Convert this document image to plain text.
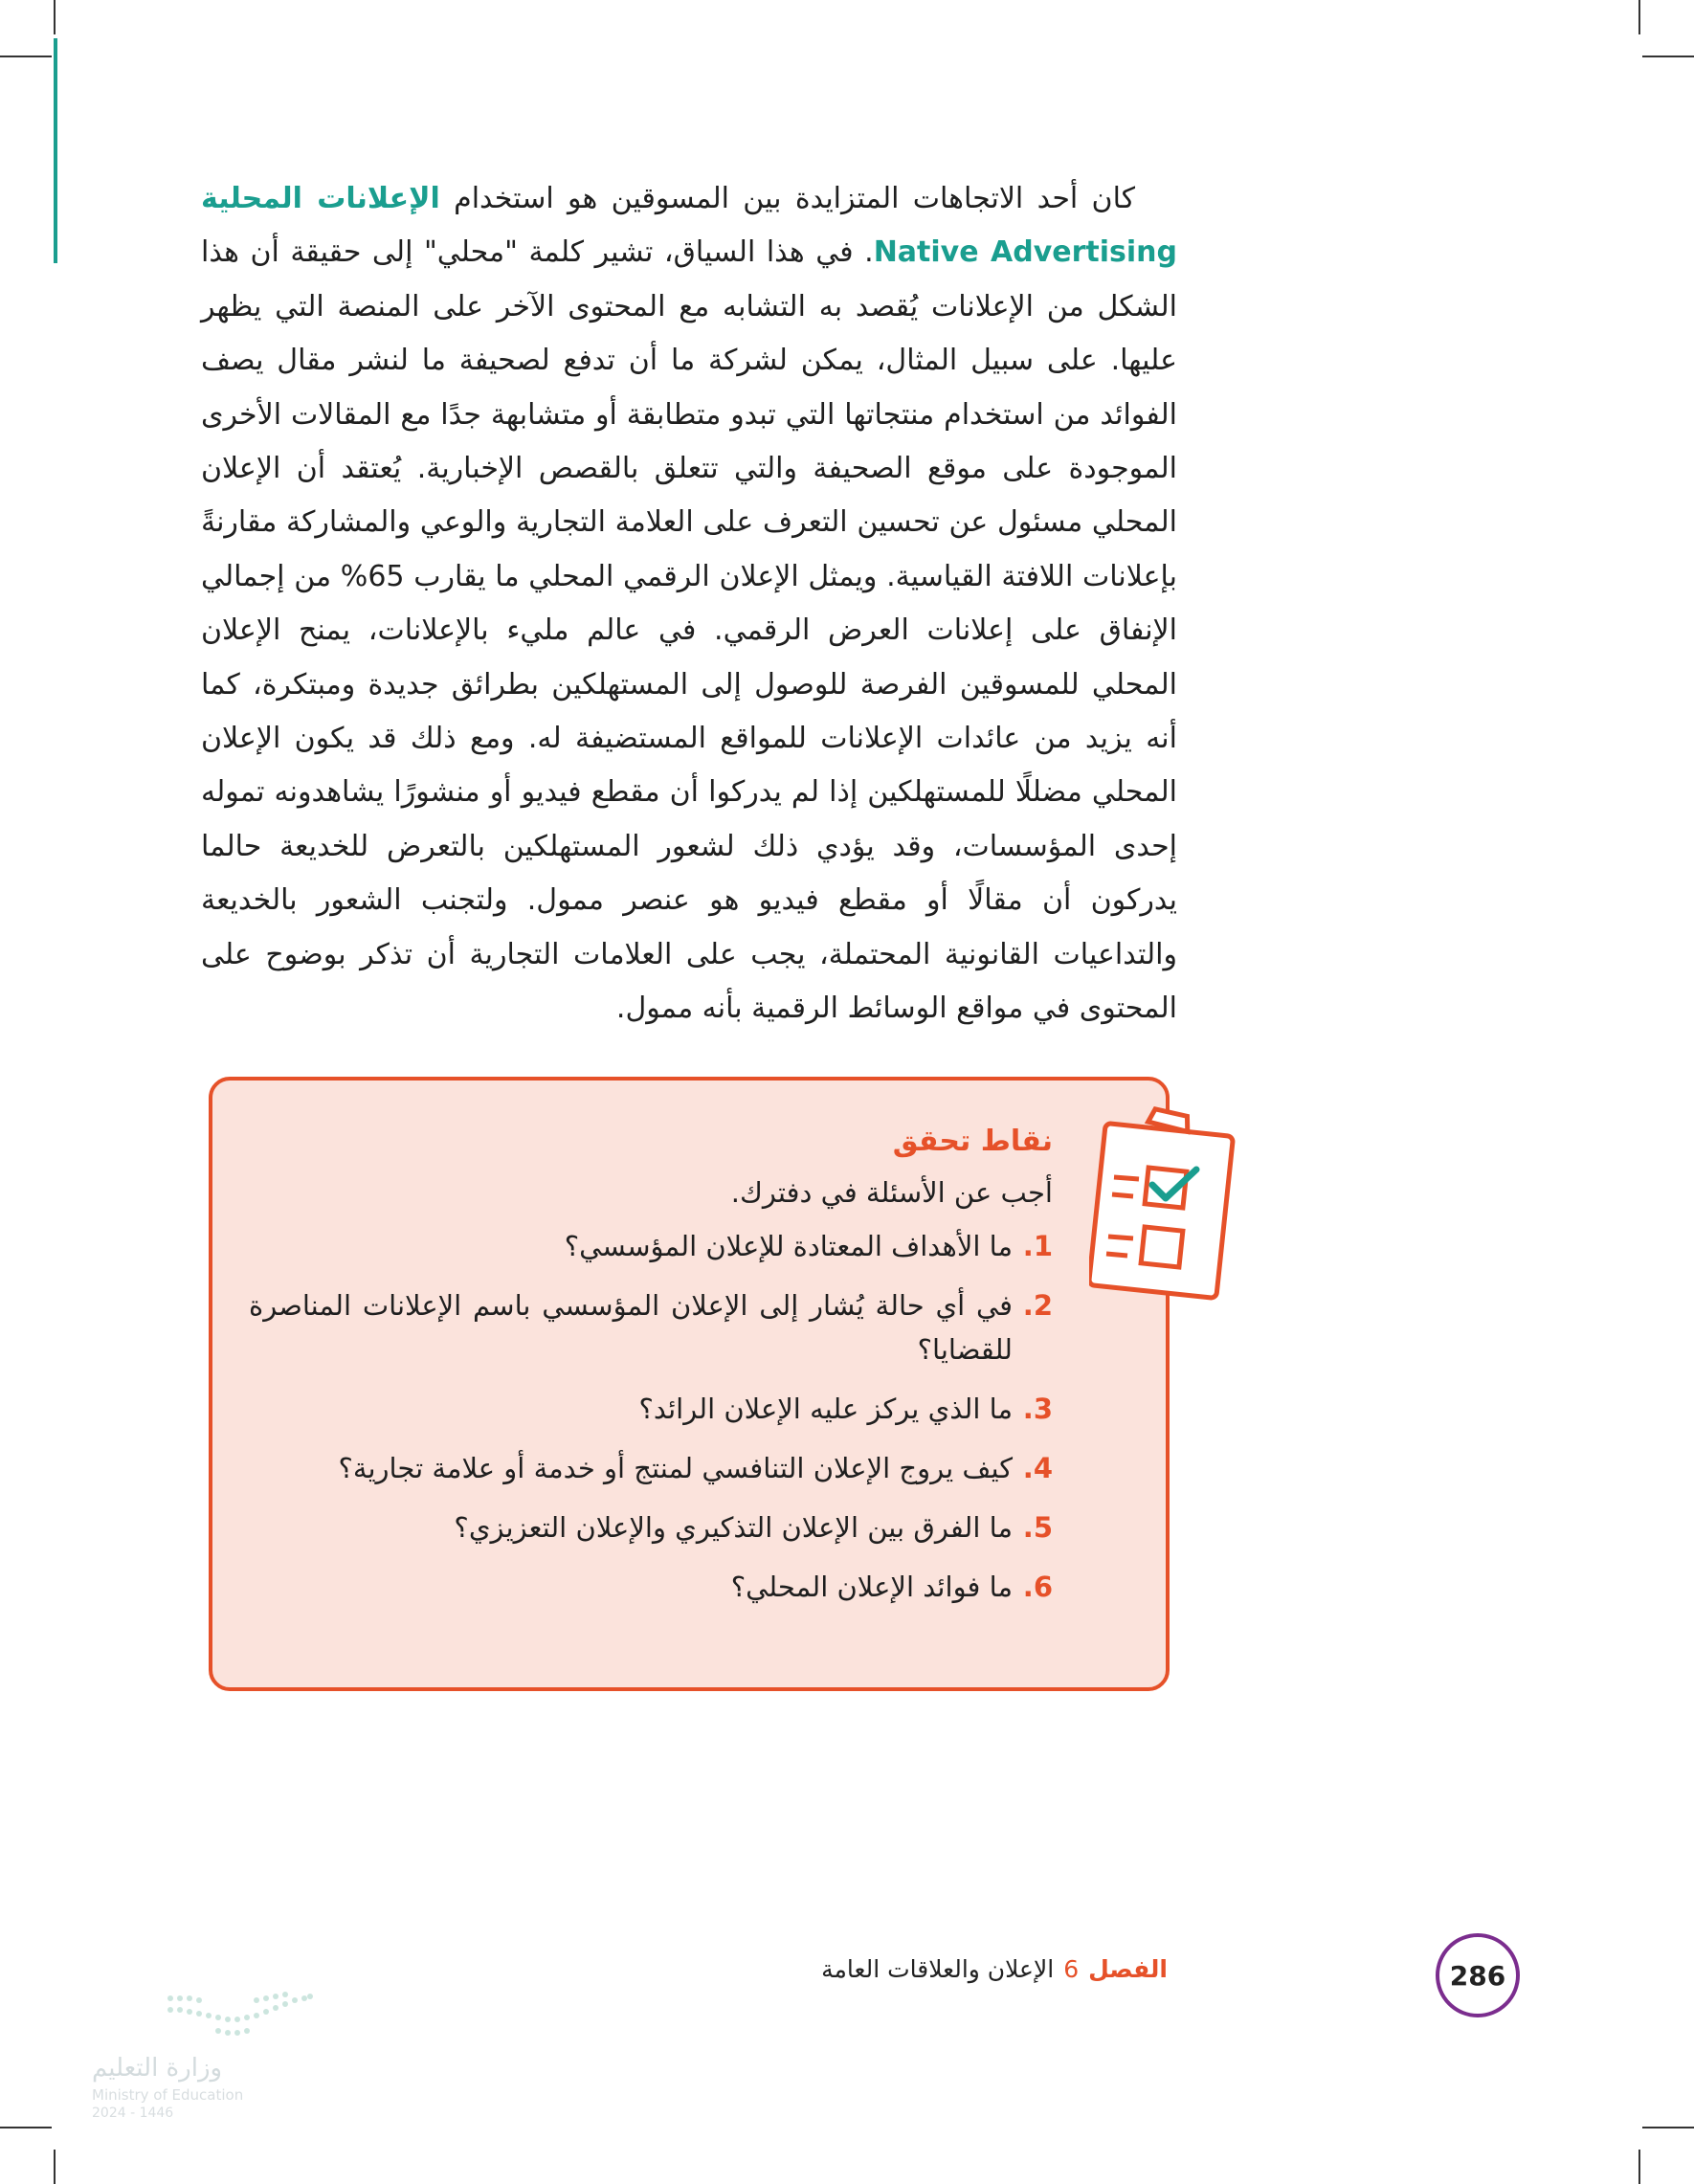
كان أحد الاتجاهات المتزايدة بين المسوقين هو استخدام الإعلانات المحلية Native Advertising. في هذا السياق، تشير كلمة "محلي" إلى حقيقة أن هذا الشكل من الإعلانات يُقصد به التشابه مع المحتوى الآخر على المنصة التي يظهر عليها. على سبيل المثال، يمكن لشركة ما أن تدفع لصحيفة ما لنشر مقال يصف الفوائد من استخدام منتجاتها التي تبدو متطابقة أو متشابهة جدًا مع المقالات الأخرى الموجودة على موقع الصحيفة والتي تتعلق بالقصص الإخبارية. يُعتقد أن الإعلان المحلي مسئول عن تحسين التعرف على العلامة التجارية والوعي والمشاركة مقارنةً بإعلانات اللافتة القياسية. ويمثل الإعلان الرقمي المحلي ما يقارب 65% من إجمالي الإنفاق على إعلانات العرض الرقمي. في عالم مليء بالإعلانات، يمنح الإعلان المحلي للمسوقين الفرصة للوصول إلى المستهلكين بطرائق جديدة ومبتكرة، كما أنه يزيد من عائدات الإعلانات للمواقع المستضيفة له. ومع ذلك قد يكون الإعلان المحلي مضللًا للمستهلكين إذا لم يدركوا أن مقطع فيديو أو منشورًا يشاهدونه تموله إحدى المؤسسات، وقد يؤدي ذلك لشعور المستهلكين بالتعرض للخديعة حالما يدركون أن مقالًا أو مقطع فيديو هو عنصر ممول. ولتجنب الشعور بالخديعة والتداعيات القانونية المحتملة، يجب على العلامات التجارية أن تذكر بوضوح على المحتوى في مواقع الوسائط الرقمية بأنه ممول.

نقاط تحقق
أجب عن الأسئلة في دفترك.
1.
ما الأهداف المعتادة للإعلان المؤسسي؟
2.
في أي حالة يُشار إلى الإعلان المؤسسي باسم الإعلانات المناصرة للقضايا؟
3.
ما الذي يركز عليه الإعلان الرائد؟
4.
كيف يروج الإعلان التنافسي لمنتج أو خدمة أو علامة تجارية؟
5.
ما الفرق بين الإعلان التذكيري والإعلان التعزيزي؟
6.
ما فوائد الإعلان المحلي؟
286
الفصل6الإعلان والعلاقات العامة
وزارة التعليم
Ministry of Education
2024 - 1446
